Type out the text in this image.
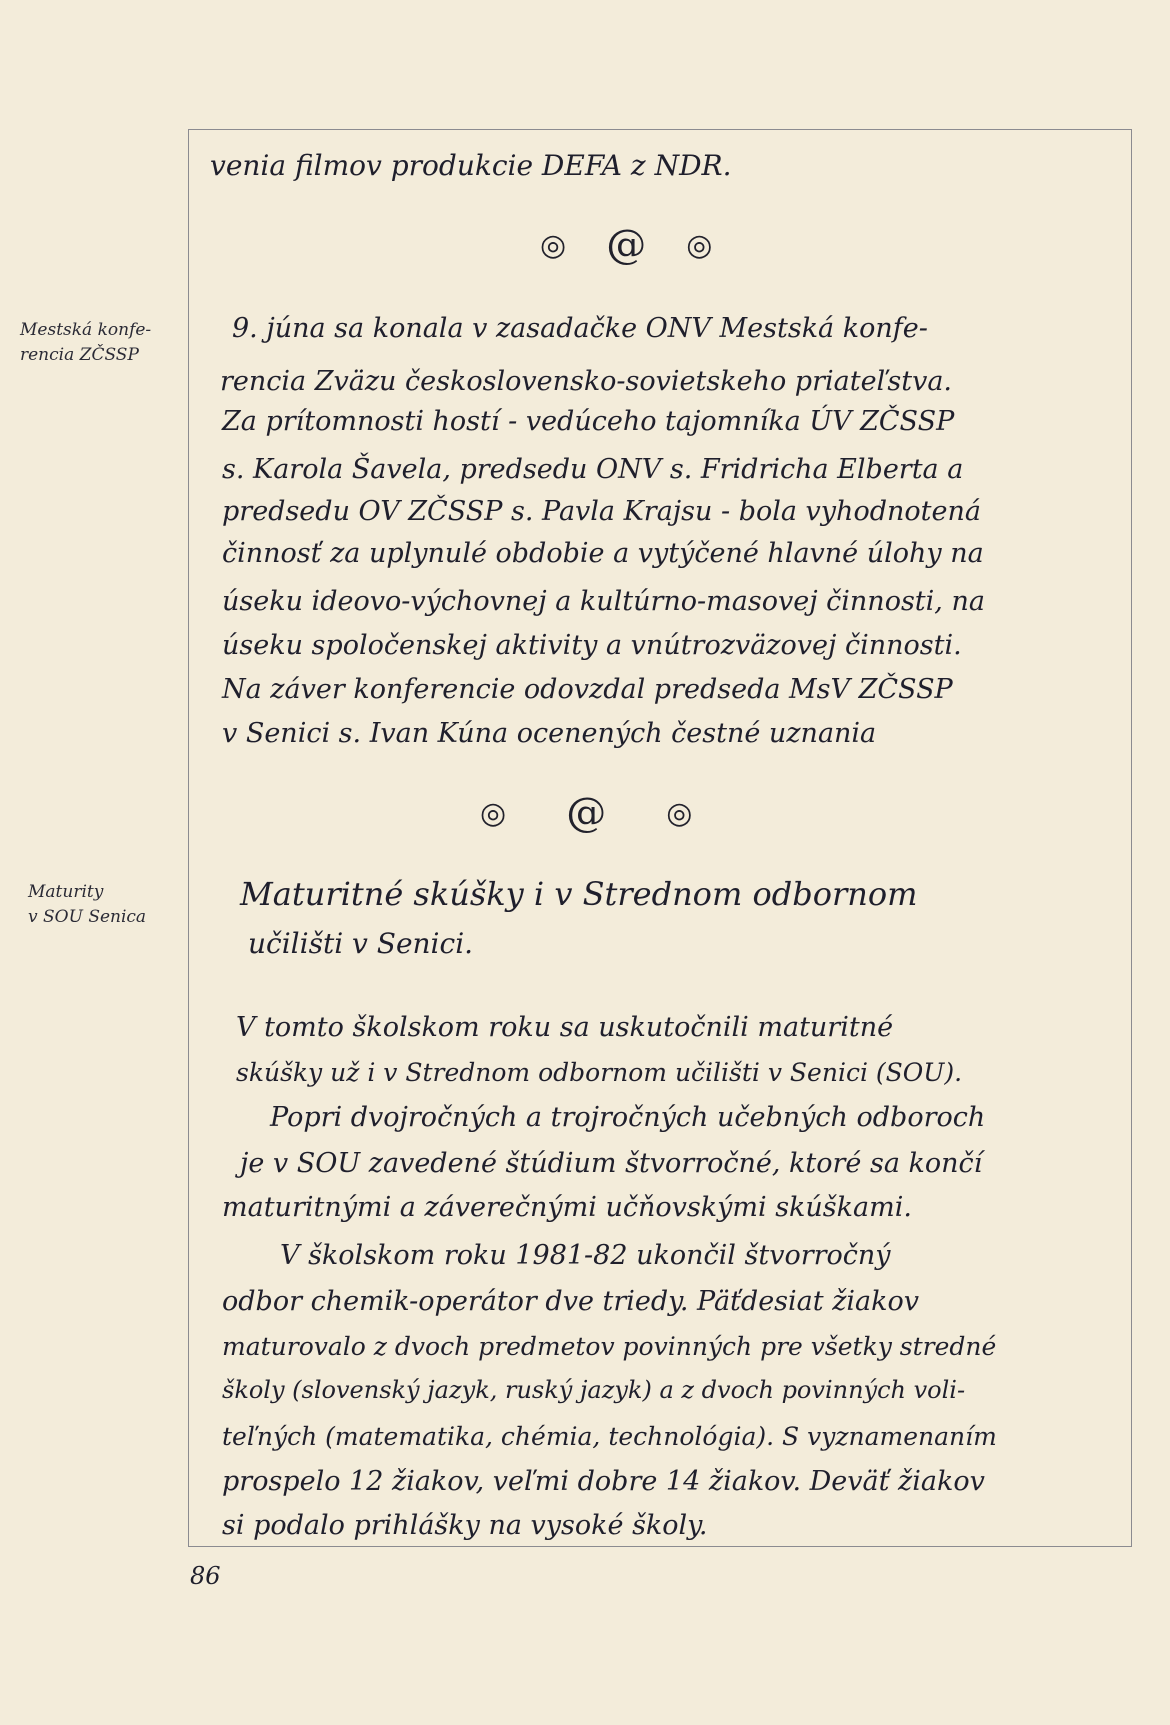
Mestská konfe-
rencia ZČSSP
Maturity
v SOU Senica
venia filmov produkcie DEFA z NDR.
◎ @ ◎
9. júna sa konala v zasadačke ONV Mestská konfe-
rencia Zväzu československo-sovietskeho priateľstva.
Za prítomnosti hostí - vedúceho tajomníka ÚV ZČSSP
s. Karola Šavela, predsedu ONV s. Fridricha Elberta a
predsedu OV ZČSSP s. Pavla Krajsu - bola vyhodnotená
činnosť za uplynulé obdobie a vytýčené hlavné úlohy na
úseku ideovo-výchovnej a kultúrno-masovej činnosti, na
úseku spoločenskej aktivity a vnútrozväzovej činnosti.
Na záver konferencie odovzdal predseda MsV ZČSSP
v Senici s. Ivan Kúna ocenených čestné uznania
◎ @ ◎
Maturitné skúšky i v Strednom odbornom
učilišti v Senici.
V tomto školskom roku sa uskutočnili maturitné
skúšky už i v Strednom odbornom učilišti v Senici (SOU).
Popri dvojročných a trojročných učebných odboroch
je v SOU zavedené štúdium štvorročné, ktoré sa končí
maturitnými a záverečnými učňovskými skúškami.
V školskom roku 1981-82 ukončil štvorročný
odbor chemik-operátor dve triedy. Päťdesiat žiakov
maturovalo z dvoch predmetov povinných pre všetky stredné
školy (slovenský jazyk, ruský jazyk) a z dvoch povinných voli-
teľných (matematika, chémia, technológia). S vyznamenaním
prospelo 12 žiakov, veľmi dobre 14 žiakov. Deväť žiakov
si podalo prihlášky na vysoké školy.
86
